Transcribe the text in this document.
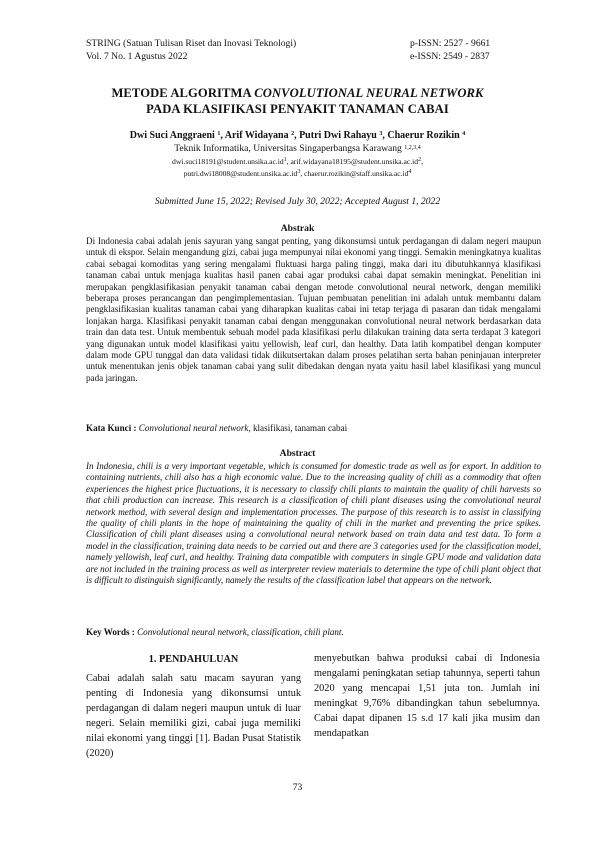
STRING (Satuan Tulisan Riset dan Inovasi Teknologi)
Vol. 7 No. 1 Agustus 2022
p-ISSN: 2527 - 9661
e-ISSN: 2549 - 2837
METODE ALGORITMA CONVOLUTIONAL NEURAL NETWORK
PADA KLASIFIKASI PENYAKIT TANAMAN CABAI
Dwi Suci Anggraeni $^1$, Arif Widayana $^2$, Putri Dwi Rahayu $^3$, Chaerur Rozikin $^4$
Teknik Informatika, Universitas Singaperbangsa Karawang $^{1,2,3,4}$
$dwi.suci18191@student.unsika.ac.id^1$, $arif.widayana18195@student.unsika.ac.id^2$,
$putri.dwi18008@student.unsika.ac.id^3$, $chaerur.rozikin@staff.unsika.ac.id^4$
Submitted June 15, 2022; Revised July 30, 2022; Accepted August 1, 2022
Abstrak
Di Indonesia cabai adalah jenis sayuran yang sangat penting, yang dikonsumsi untuk perdagangan di dalam negeri maupun untuk di ekspor. Selain mengandung gizi, cabai juga mempunyai nilai ekonomi yang tinggi. Semakin meningkatnya kualitas cabai sebagai komoditas yang sering mengalami fluktuasi harga paling tinggi, maka dari itu dibutuhkannya klasifikasi tanaman cabai untuk menjaga kualitas hasil panen cabai agar produksi cabai dapat semakin meningkat. Penelitian ini merupakan pengklasifikasian penyakit tanaman cabai dengan metode convolutional neural network, dengan memiliki beberapa proses perancangan dan pengimplementasian. Tujuan pembuatan penelitian ini adalah untuk membantu dalam pengklasifikasian kualitas tanaman cabai yang diharapkan kualitas cabai ini tetap terjaga di pasaran dan tidak mengalami lonjakan harga. Klasifikasi penyakit tanaman cabai dengan menggunakan convolutional neural network berdasarkan data train dan data test. Untuk membentuk sebuah model pada klasifikasi perlu dilakukan training data serta terdapat 3 kategori yang digunakan untuk model klasifikasi yaitu yellowish, leaf curl, dan healthy. Data latih kompatibel dengan komputer dalam mode GPU tunggal dan data validasi tidak diikutsertakan dalam proses pelatihan serta bahan peninjauan interpreter untuk menentukan jenis objek tanaman cabai yang sulit dibedakan dengan nyata yaitu hasil label klasifikasi yang muncul pada jaringan.
Kata Kunci : Convolutional neural network, klasifikasi, tanaman cabai
Abstract
In Indonesia, chili is a very important vegetable, which is consumed for domestic trade as well as for export. In addition to containing nutrients, chili also has a high economic value. Due to the increasing quality of chili as a commodity that often experiences the highest price fluctuations, it is necessary to classify chili plants to maintain the quality of chili harvests so that chili production can increase. This research is a classification of chili plant diseases using the convolutional neural network method, with several design and implementation processes. The purpose of this research is to assist in classifying the quality of chili plants in the hope of maintaining the quality of chili in the market and preventing the price spikes. Classification of chili plant diseases using a convolutional neural network based on train data and test data. To form a model in the classification, training data needs to be carried out and there are 3 categories used for the classification model, namely yellowish, leaf curl, and healthy. Training data compatible with computers in single GPU mode and validation data are not included in the training process as well as interpreter review materials to determine the type of chili plant object that is difficult to distinguish significantly, namely the results of the classification label that appears on the network.
Key Words : Convolutional neural network, classification, chili plant.
1. PENDAHULUAN
Cabai adalah salah satu macam sayuran yang penting di Indonesia yang dikonsumsi untuk perdagangan di dalam negeri maupun untuk di luar negeri. Selain memiliki gizi, cabai juga memiliki nilai ekonomi yang tinggi [1]. Badan Pusat Statistik (2020)
menyebutkan bahwa produksi cabai di Indonesia mengalami peningkatan setiap tahunnya, seperti tahun 2020 yang mencapai 1,51 juta ton. Jumlah ini meningkat 9,76% dibandingkan tahun sebelumnya. Cabai dapat dipanen 15 s.d 17 kali jika musim dan mendapatkan
73
